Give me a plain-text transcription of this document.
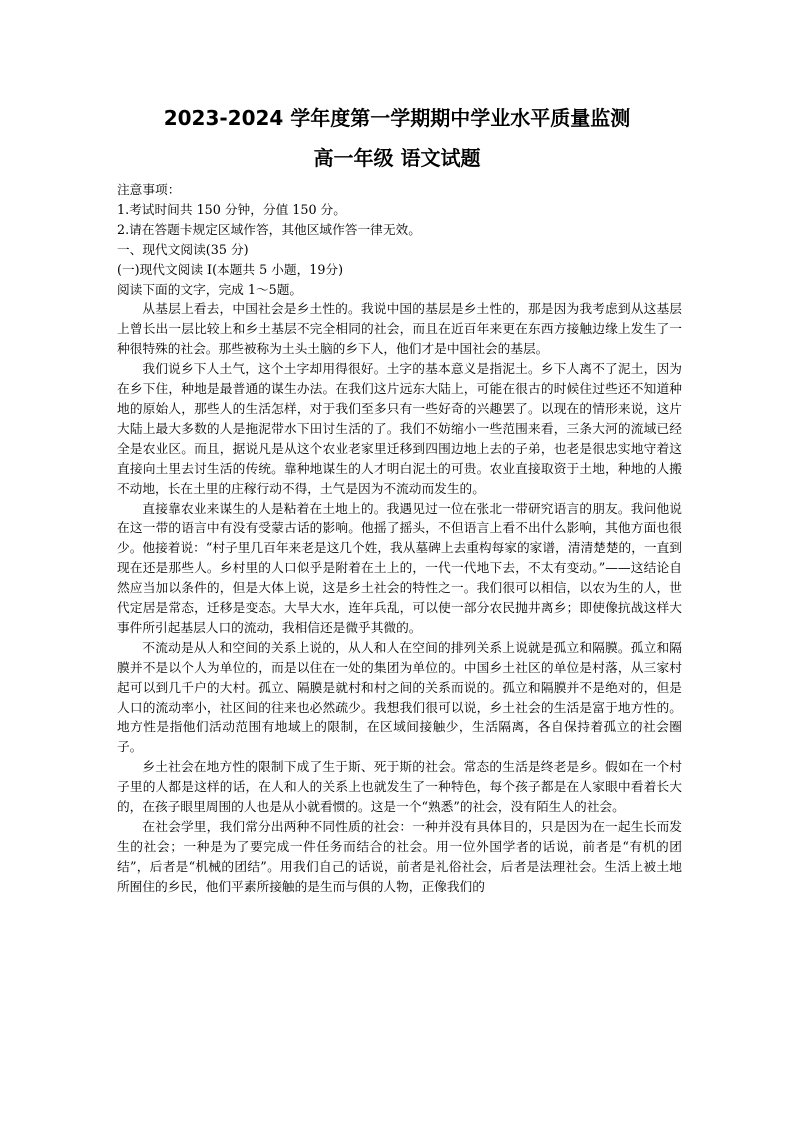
2023-2024 学年度第一学期期中学业水平质量监测
高一年级 语文试题

注意事项：

1.考试时间共 150 分钟，分值 150 分。

2.请在答题卡规定区域作答，其他区域作答一律无效。

一、现代文阅读(35 分)

(一)现代文阅读 I(本题共 5 小题，19分)

阅读下面的文字，完成 1～5题。

从基层上看去，中国社会是乡土性的。我说中国的基层是乡土性的，那是因为我考虑到从这基层上曾长出一层比较上和乡土基层不完全相同的社会，而且在近百年来更在东西方接触边缘上发生了一种很特殊的社会。那些被称为土头土脑的乡下人，他们才是中国社会的基层。

我们说乡下人土气，这个土字却用得很好。土字的基本意义是指泥土。乡下人离不了泥土，因为在乡下住，种地是最普通的谋生办法。在我们这片远东大陆上，可能在很古的时候住过些还不知道种地的原始人，那些人的生活怎样，对于我们至多只有一些好奇的兴趣罢了。以现在的情形来说，这片大陆上最大多数的人是拖泥带水下田讨生活的了。我们不妨缩小一些范围来看，三条大河的流域已经全是农业区。而且，据说凡是从这个农业老家里迁移到四围边地上去的子弟，也老是很忠实地守着这直接向土里去讨生活的传统。靠种地谋生的人才明白泥土的可贵。农业直接取资于土地，种地的人搬不动地，长在土里的庄稼行动不得，土气是因为不流动而发生的。

直接靠农业来谋生的人是粘着在土地上的。我遇见过一位在张北一带研究语言的朋友。我问他说在这一带的语言中有没有受蒙古话的影响。他摇了摇头，不但语言上看不出什么影响，其他方面也很少。他接着说：“村子里几百年来老是这几个姓，我从墓碑上去重构每家的家谱，清清楚楚的，一直到现在还是那些人。乡村里的人口似乎是附着在土上的，一代一代地下去，不太有变动。”——这结论自然应当加以条件的，但是大体上说，这是乡土社会的特性之一。我们很可以相信，以农为生的人，世代定居是常态，迁移是变态。大旱大水，连年兵乱，可以使一部分农民抛井离乡；即使像抗战这样大事件所引起基层人口的流动，我相信还是微乎其微的。

不流动是从人和空间的关系上说的，从人和人在空间的排列关系上说就是孤立和隔膜。孤立和隔膜并不是以个人为单位的，而是以住在一处的集团为单位的。中国乡土社区的单位是村落，从三家村起可以到几千户的大村。孤立、隔膜是就村和村之间的关系而说的。孤立和隔膜并不是绝对的，但是人口的流动率小，社区间的往来也必然疏少。我想我们很可以说，乡土社会的生活是富于地方性的。地方性是指他们活动范围有地域上的限制，在区域间接触少，生活隔离，各自保持着孤立的社会圈子。

乡土社会在地方性的限制下成了生于斯、死于斯的社会。常态的生活是终老是乡。假如在一个村子里的人都是这样的话，在人和人的关系上也就发生了一种特色，每个孩子都是在人家眼中看着长大的，在孩子眼里周围的人也是从小就看惯的。这是一个“熟悉”的社会，没有陌生人的社会。

在社会学里，我们常分出两种不同性质的社会：一种并没有具体目的，只是因为在一起生长而发生的社会；一种是为了要完成一件任务而结合的社会。用一位外国学者的话说，前者是“有机的团结”，后者是“机械的团结”。用我们自己的话说，前者是礼俗社会，后者是法理社会。生活上被土地所囿住的乡民，他们平素所接触的是生而与俱的人物，正像我们的
